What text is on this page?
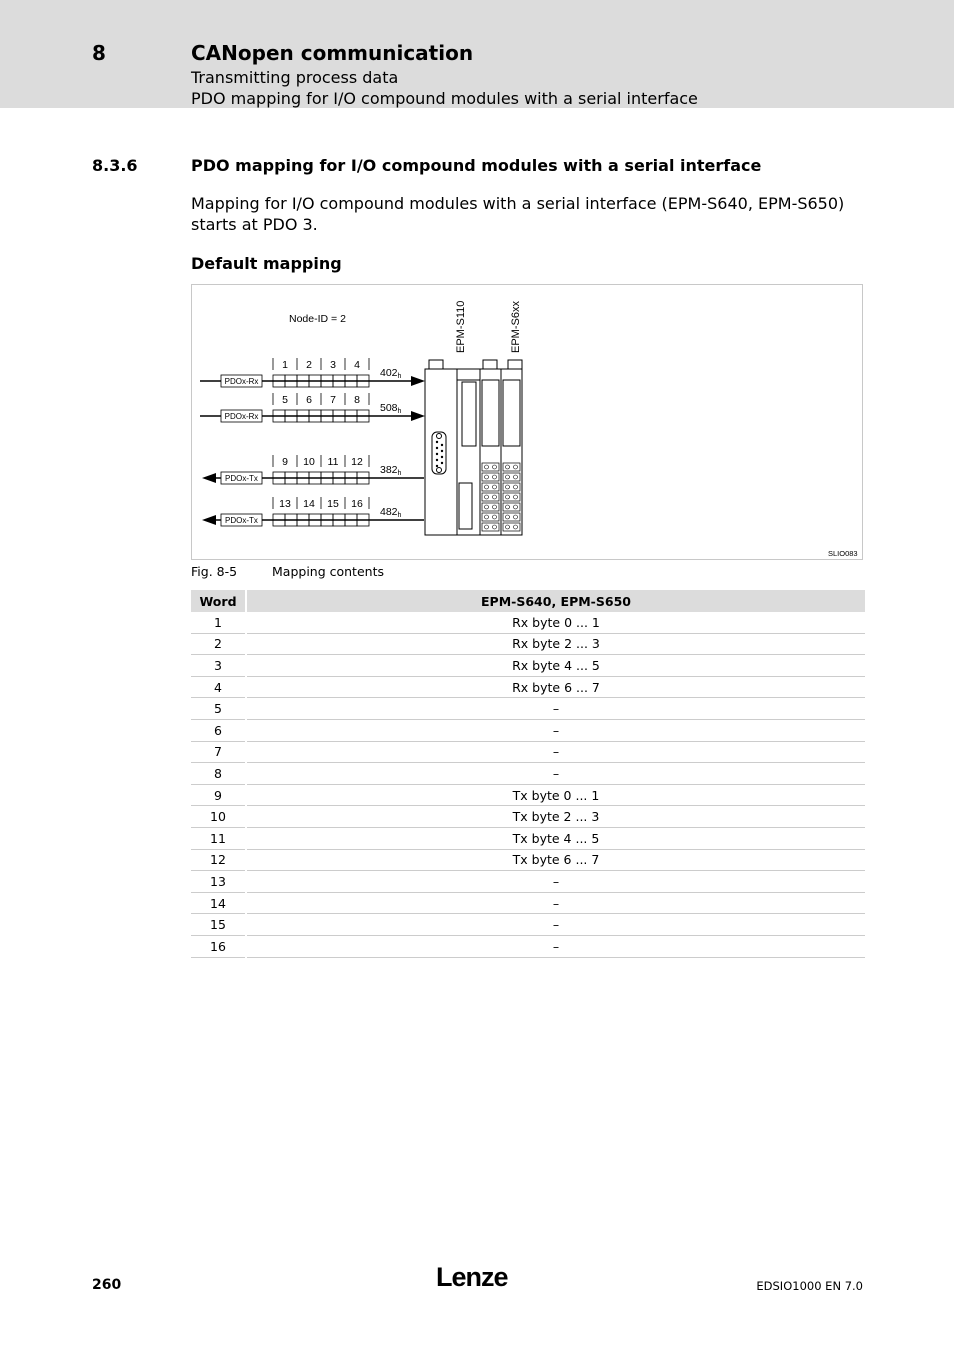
8	CANopen communication
Transmitting process data
PDO mapping for I/O compound modules with a serial interface
8.3.6	PDO mapping for I/O compound modules with a serial interface
Mapping for I/O compound modules with a serial interface (EPM-S640, EPM-S650) starts at PDO 3.
Default mapping
Node-ID = 2	EPM-S110	EPM-S6xx
1 2 3 4
402h
PDOx-Rx
5 6 7 8
508h
PDOx-Rx
9 10 11 12
382h
PDOx-Tx
13 14 15 16
482h
PDOx-Tx
SLIO083
Fig. 8-5	Mapping contents
Word	EPM-S640, EPM-S650
1	Rx byte 0 ... 1
2	Rx byte 2 ... 3
3	Rx byte 4 ... 5
4	Rx byte 6 ... 7
5	–
6	–
7	–
8	–
9	Tx byte 0 ... 1
10	Tx byte 2 ... 3
11	Tx byte 4 ... 5
12	Tx byte 6 ... 7
13	–
14	–
15	–
16	–
260	Lenze	EDSIO1000 EN 7.0
